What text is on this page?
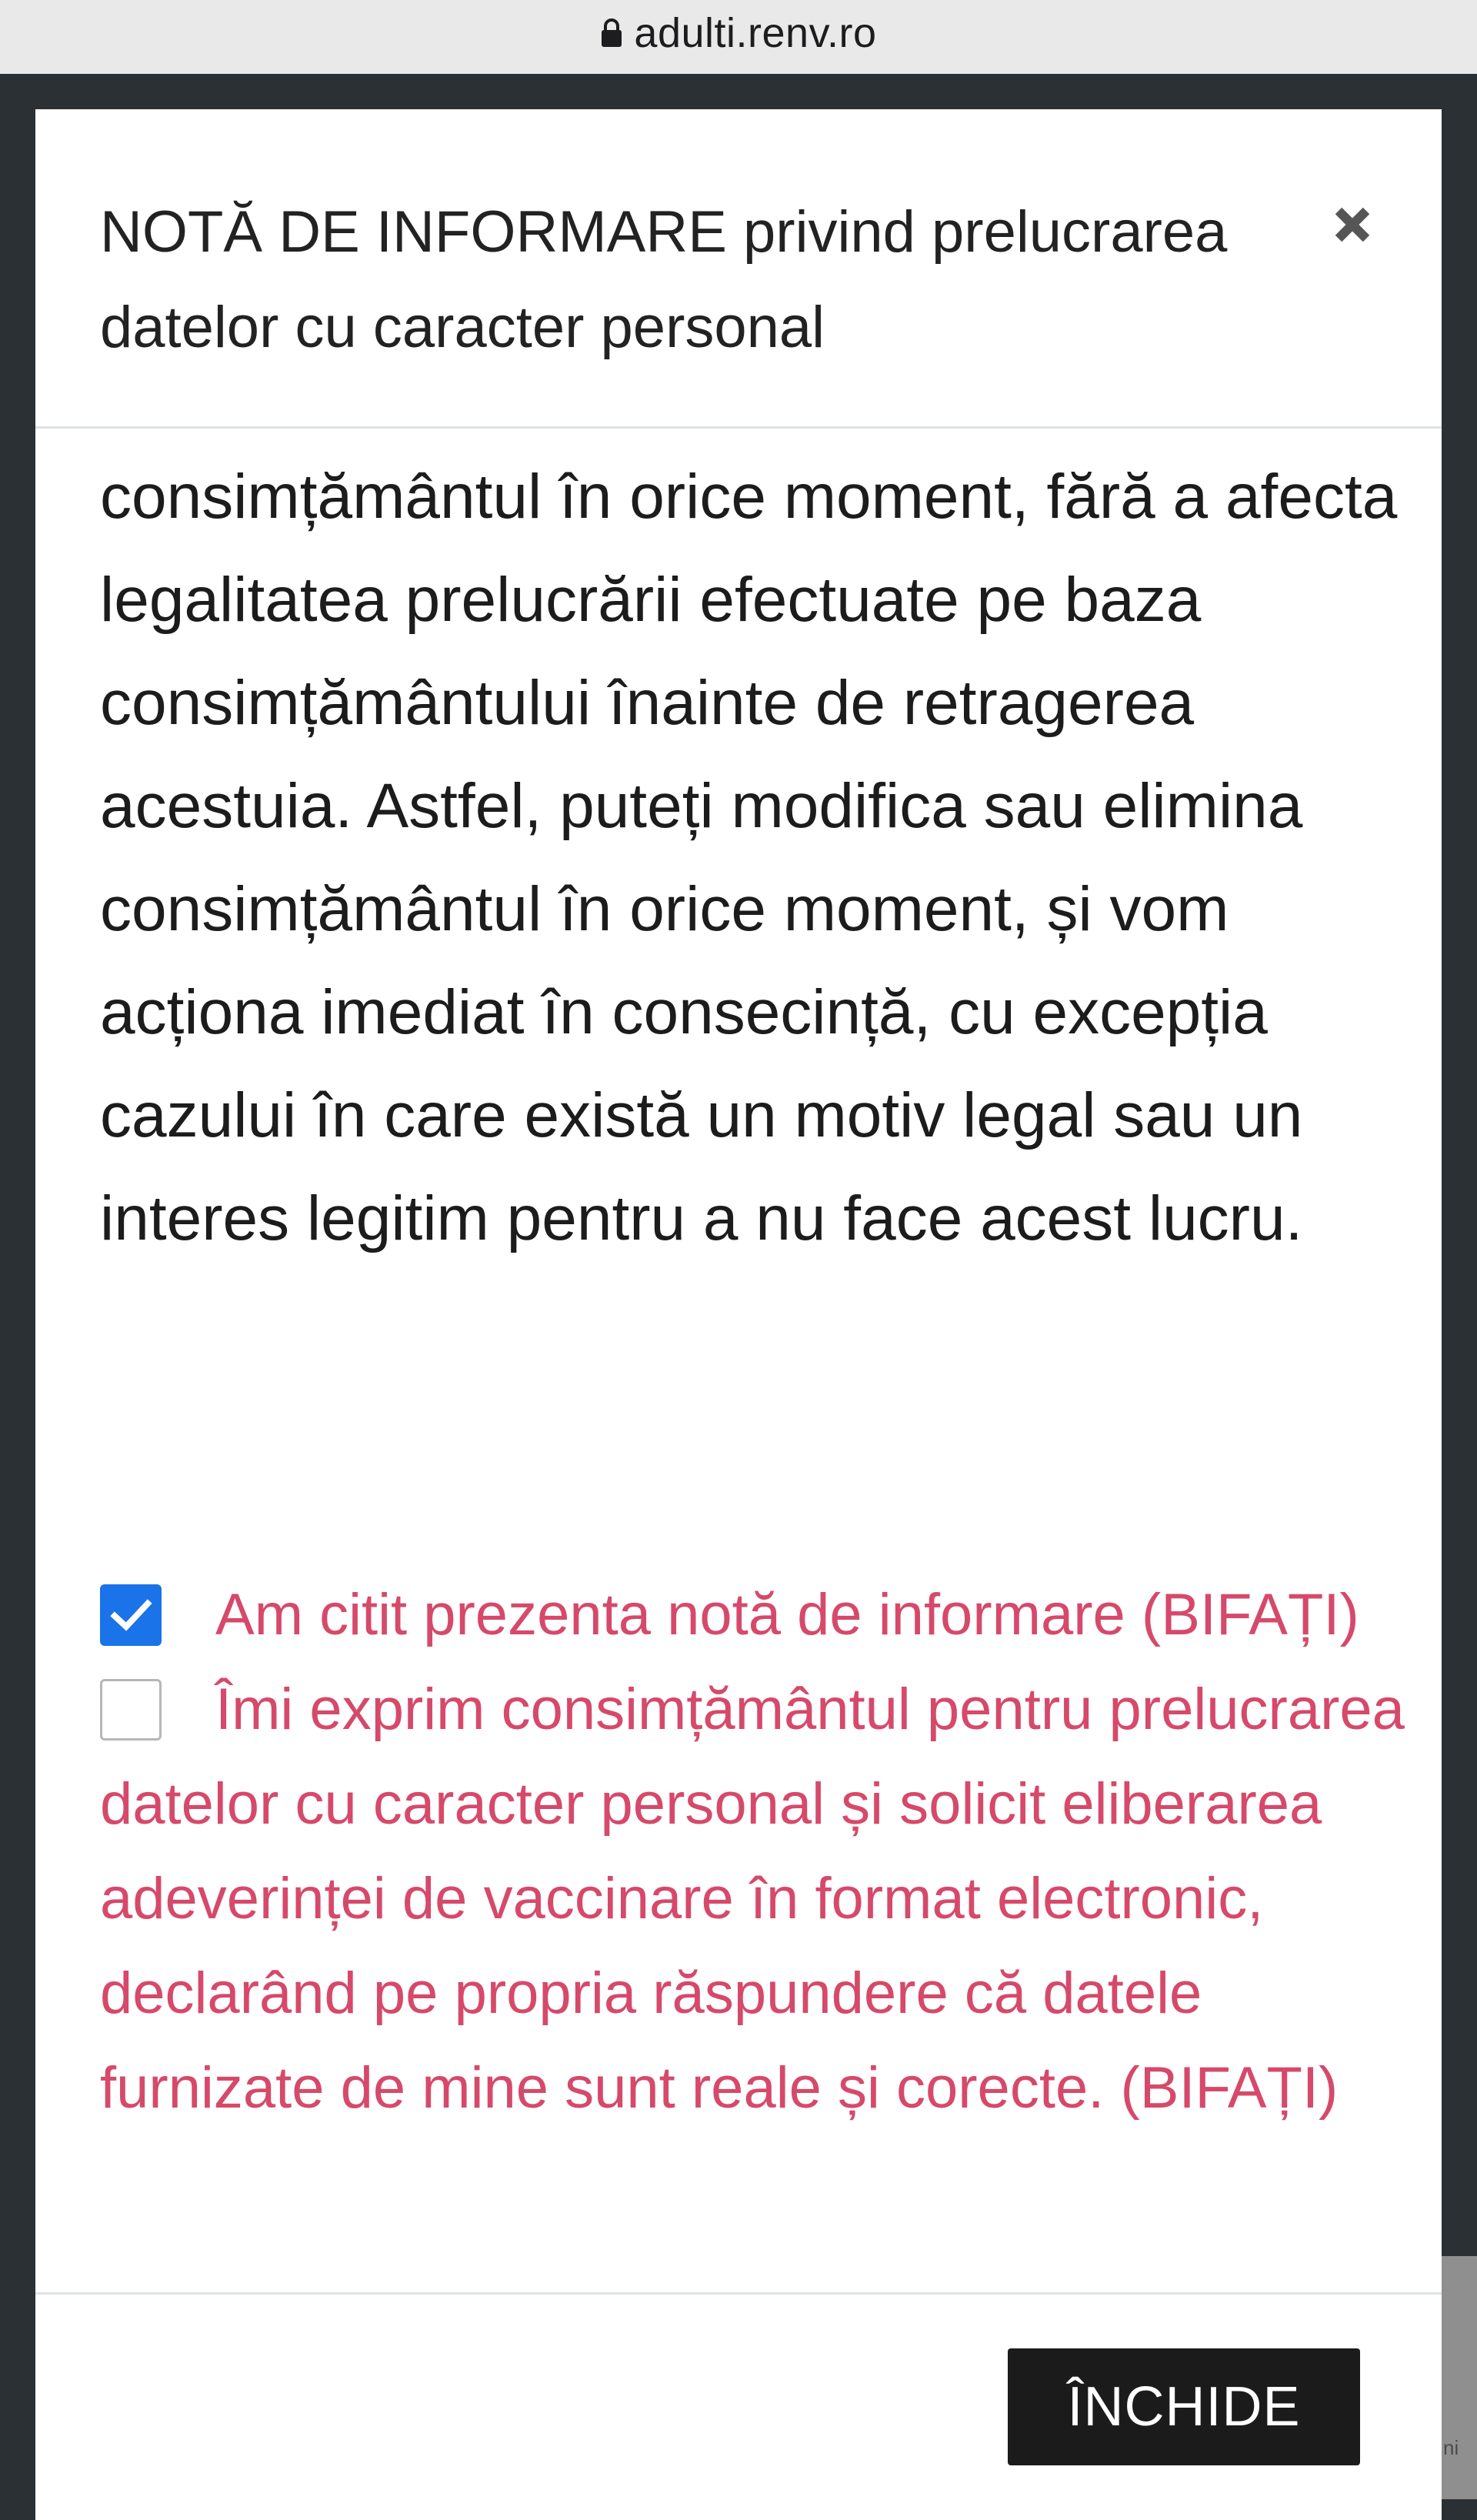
adulti.renv.ro
NOTĂ DE INFORMARE privind prelucrarea datelor cu caracter personal

consimțământul în orice moment, fără a afecta legalitatea prelucrării efectuate pe baza consimțământului înainte de retragerea acestuia. Astfel, puteți modifica sau elimina consimțământul în orice moment, și vom acționa imediat în consecință, cu excepția cazului în care există un motiv legal sau un interes legitim pentru a nu face acest lucru.

Am citit prezenta notă de informare (BIFAȚI)
Îmi exprim consimțământul pentru prelucrarea datelor cu caracter personal și solicit eliberarea adeverinței de vaccinare în format electronic, declarând pe propria răspundere că datele furnizate de mine sunt reale și corecte. (BIFAȚI)
ÎNCHIDE
ni
